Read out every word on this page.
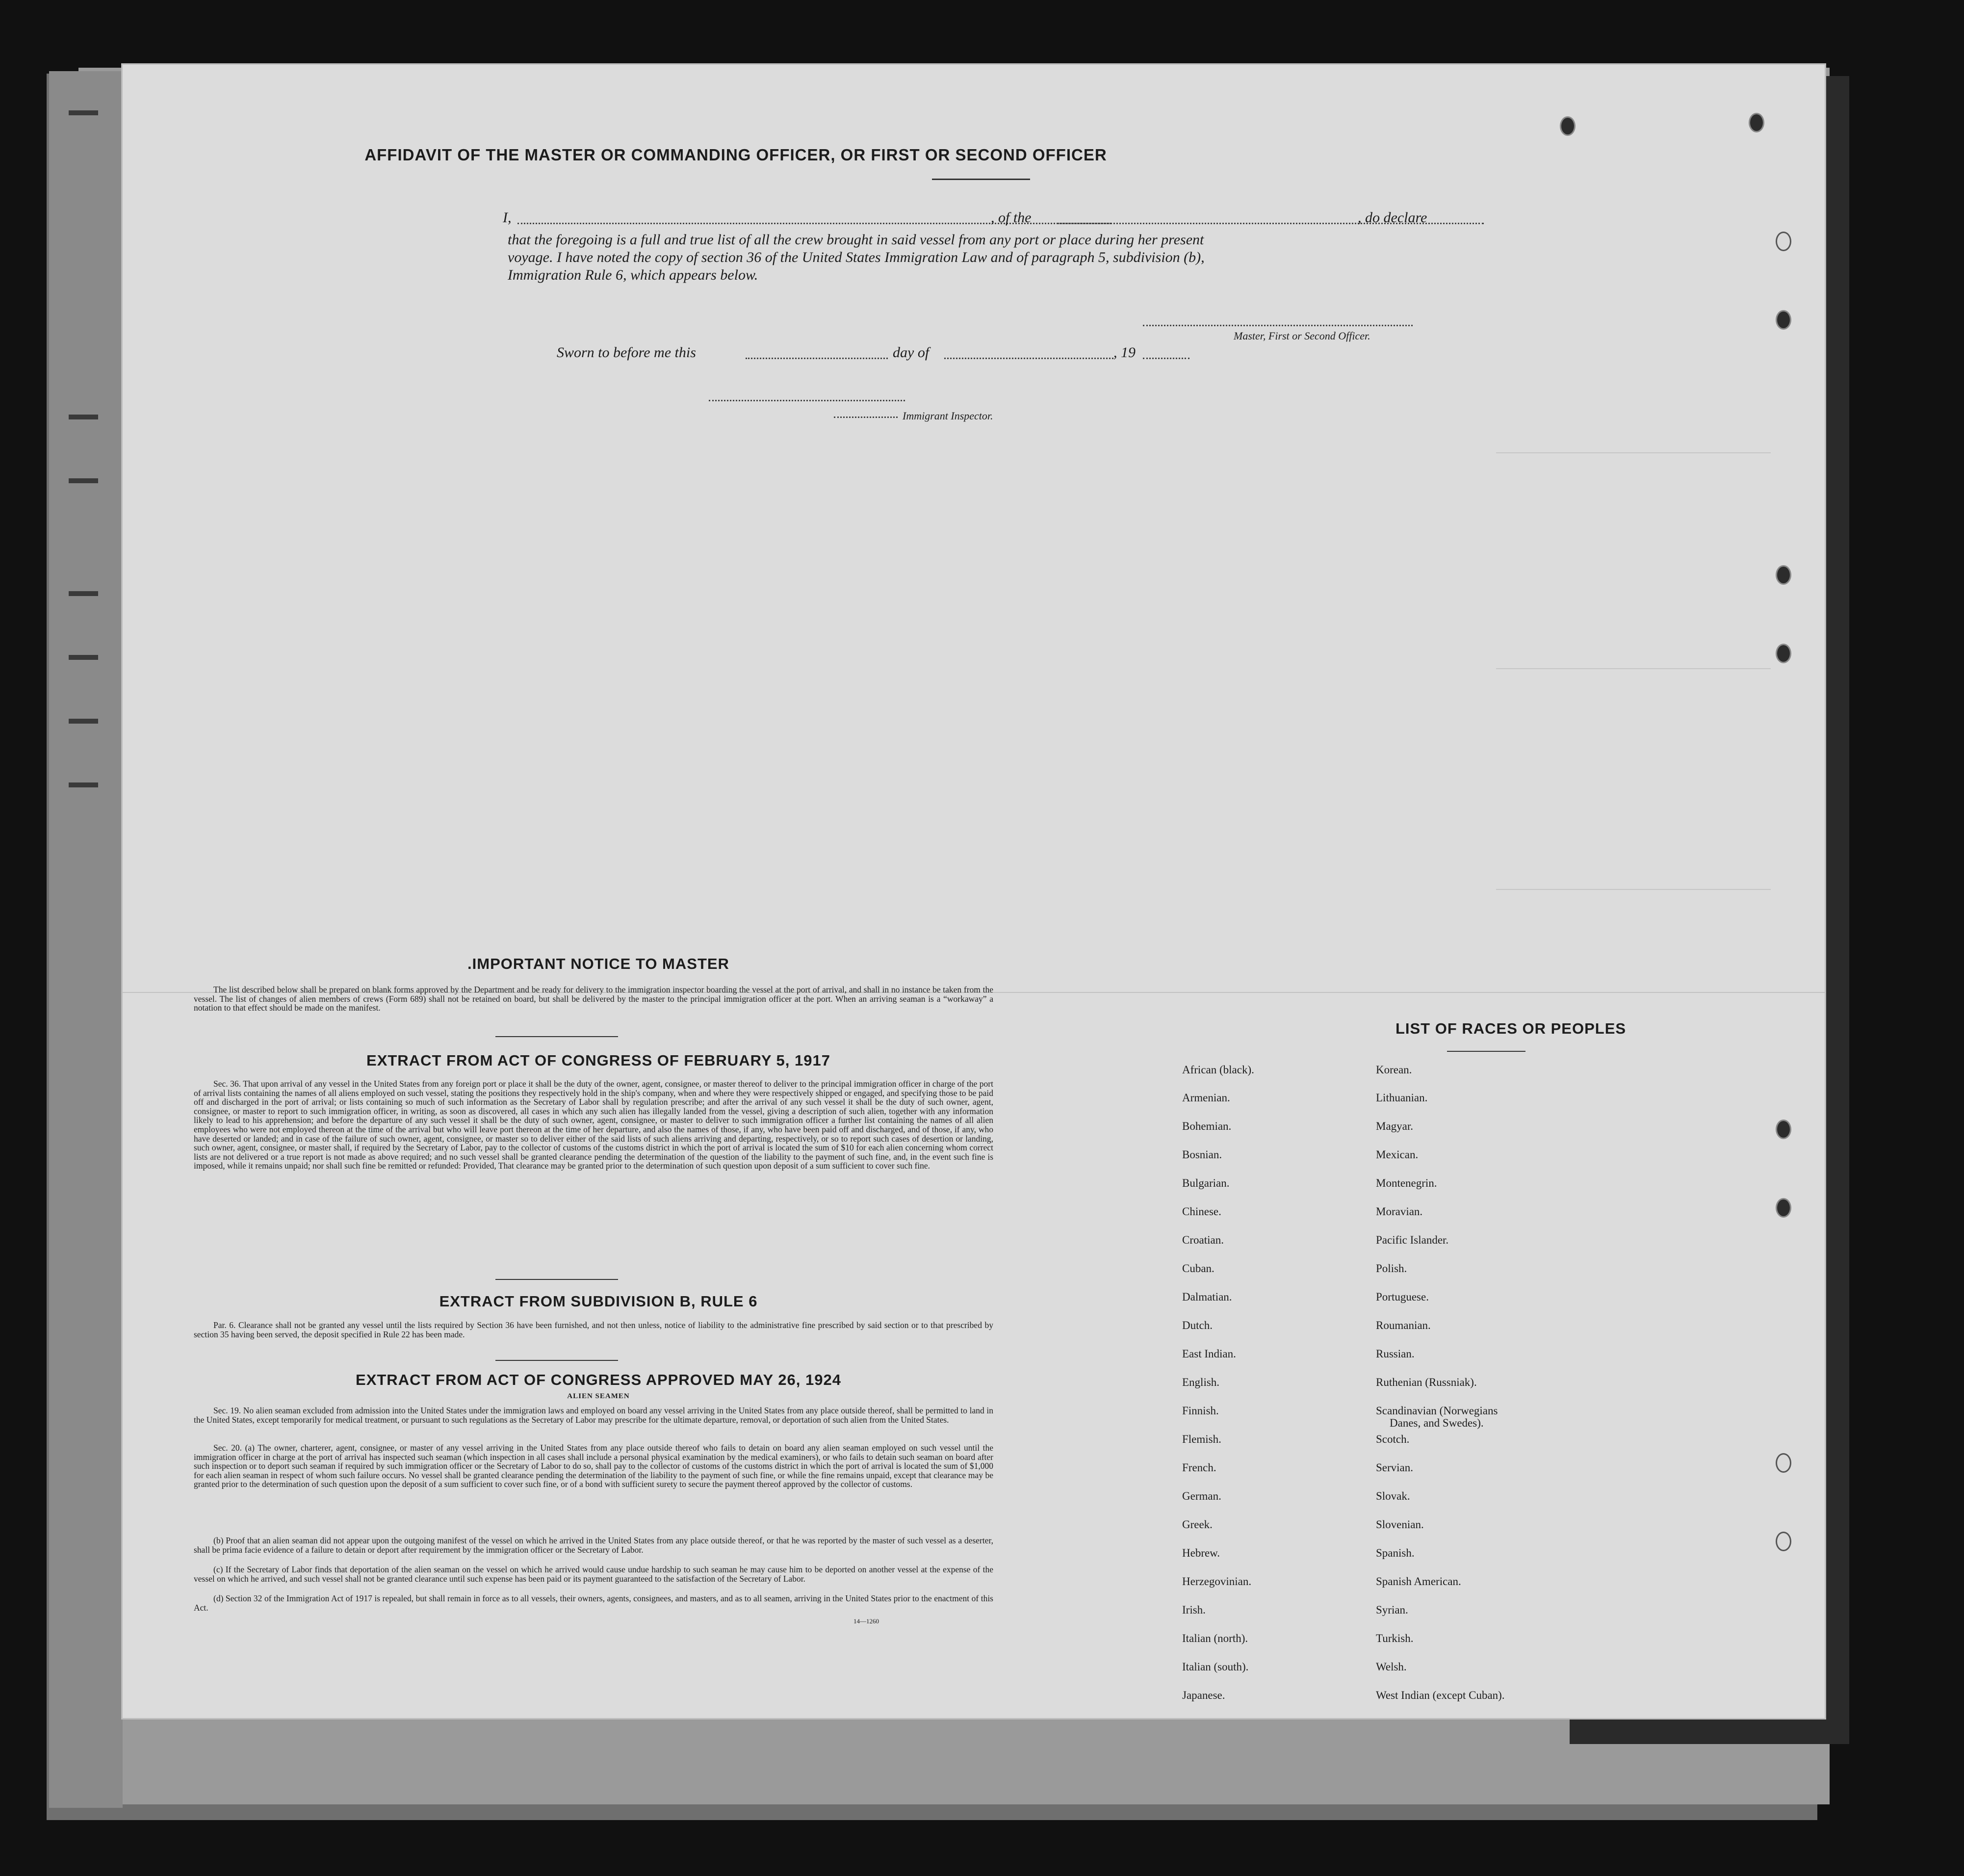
AFFIDAVIT OF THE MASTER OR COMMANDING OFFICER, OR FIRST OR SECOND OFFICER
I,	, of the	, do declare
that the foregoing is a full and true list of all the crew brought in said vessel from any port or place during her present
voyage. I have noted the copy of section 36 of the United States Immigration Law and of paragraph 5, subdivision (b),
Immigration Rule 6, which appears below.
Master, First or Second Officer.
Sworn to before me this	day of	, 19
Immigrant Inspector.
.IMPORTANT NOTICE TO MASTER
The list described below shall be prepared on blank forms approved by the Department and be ready for delivery to the immigration inspector boarding the vessel at the port of arrival, and shall in no instance be taken from the vessel. The list of changes of alien members of crews (Form 689) shall not be retained on board, but shall be delivered by the master to the principal immigration officer at the port. When an arriving seaman is a “workaway” a notation to that effect should be made on the manifest.
EXTRACT FROM ACT OF CONGRESS OF FEBRUARY 5, 1917
Sec. 36. That upon arrival of any vessel in the United States from any foreign port or place it shall be the duty of the owner, agent, consignee, or master thereof to deliver to the principal immigration officer in charge of the port of arrival lists containing the names of all aliens employed on such vessel, stating the positions they respectively hold in the ship's company, when and where they were respectively shipped or engaged, and specifying those to be paid off and discharged in the port of arrival; or lists containing so much of such information as the Secretary of Labor shall by regulation prescribe; and after the arrival of any such vessel it shall be the duty of such owner, agent, consignee, or master to report to such immigration officer, in writing, as soon as discovered, all cases in which any such alien has illegally landed from the vessel, giving a description of such alien, together with any information likely to lead to his apprehension; and before the departure of any such vessel it shall be the duty of such owner, agent, consignee, or master to deliver to such immigration officer a further list containing the names of all alien employees who were not employed thereon at the time of the arrival but who will leave port thereon at the time of her departure, and also the names of those, if any, who have been paid off and discharged, and of those, if any, who have deserted or landed; and in case of the failure of such owner, agent, consignee, or master so to deliver either of the said lists of such aliens arriving and departing, respectively, or so to report such cases of desertion or landing, such owner, agent, consignee, or master shall, if required by the Secretary of Labor, pay to the collector of customs of the customs district in which the port of arrival is located the sum of $10 for each alien concerning whom correct lists are not delivered or a true report is not made as above required; and no such vessel shall be granted clearance pending the determination of the question of the liability to the payment of such fine, and, in the event such fine is imposed, while it remains unpaid; nor shall such fine be remitted or refunded: Provided, That clearance may be granted prior to the determination of such question upon deposit of a sum sufficient to cover such fine.
EXTRACT FROM SUBDIVISION B, RULE 6
Par. 6. Clearance shall not be granted any vessel until the lists required by Section 36 have been furnished, and not then unless, notice of liability to the administrative fine prescribed by said section or to that prescribed by section 35 having been served, the deposit specified in Rule 22 has been made.
EXTRACT FROM ACT OF CONGRESS APPROVED MAY 26, 1924
ALIEN SEAMEN
Sec. 19. No alien seaman excluded from admission into the United States under the immigration laws and employed on board any vessel arriving in the United States from any place outside thereof, shall be permitted to land in the United States, except temporarily for medical treatment, or pursuant to such regulations as the Secretary of Labor may prescribe for the ultimate departure, removal, or deportation of such alien from the United States.
Sec. 20. (a) The owner, charterer, agent, consignee, or master of any vessel arriving in the United States from any place outside thereof who fails to detain on board any alien seaman employed on such vessel until the immigration officer in charge at the port of arrival has inspected such seaman (which inspection in all cases shall include a personal physical examination by the medical examiners), or who fails to detain such seaman on board after such inspection or to deport such seaman if required by such immigration officer or the Secretary of Labor to do so, shall pay to the collector of customs of the customs district in which the port of arrival is located the sum of $1,000 for each alien seaman in respect of whom such failure occurs. No vessel shall be granted clearance pending the determination of the liability to the payment of such fine, or while the fine remains unpaid, except that clearance may be granted prior to the determination of such question upon the deposit of a sum sufficient to cover such fine, or of a bond with sufficient surety to secure the payment thereof approved by the collector of customs.
(b) Proof that an alien seaman did not appear upon the outgoing manifest of the vessel on which he arrived in the United States from any place outside thereof, or that he was reported by the master of such vessel as a deserter, shall be prima facie evidence of a failure to detain or deport after requirement by the immigration officer or the Secretary of Labor.
(c) If the Secretary of Labor finds that deportation of the alien seaman on the vessel on which he arrived would cause undue hardship to such seaman he may cause him to be deported on another vessel at the expense of the vessel on which he arrived, and such vessel shall not be granted clearance until such expense has been paid or its payment guaranteed to the satisfaction of the Secretary of Labor.
(d) Section 32 of the Immigration Act of 1917 is repealed, but shall remain in force as to all vessels, their owners, agents, consignees, and masters, and as to all seamen, arriving in the United States prior to the enactment of this Act.
14—1260
LIST OF RACES OR PEOPLES
African (black).
Armenian.
Bohemian.
Bosnian.
Bulgarian.
Chinese.
Croatian.
Cuban.
Dalmatian.
Dutch.
East Indian.
English.
Finnish.
Flemish.
French.
German.
Greek.
Hebrew.
Herzegovinian.
Irish.
Italian (north).
Italian (south).
Japanese.
Korean.
Lithuanian.
Magyar.
Mexican.
Montenegrin.
Moravian.
Pacific Islander.
Polish.
Portuguese.
Roumanian.
Russian.
Ruthenian (Russniak).
Scandinavian (Norwegians
Danes, and Swedes).
Scotch.
Servian.
Slovak.
Slovenian.
Spanish.
Spanish American.
Syrian.
Turkish.
Welsh.
West Indian (except Cuban).
